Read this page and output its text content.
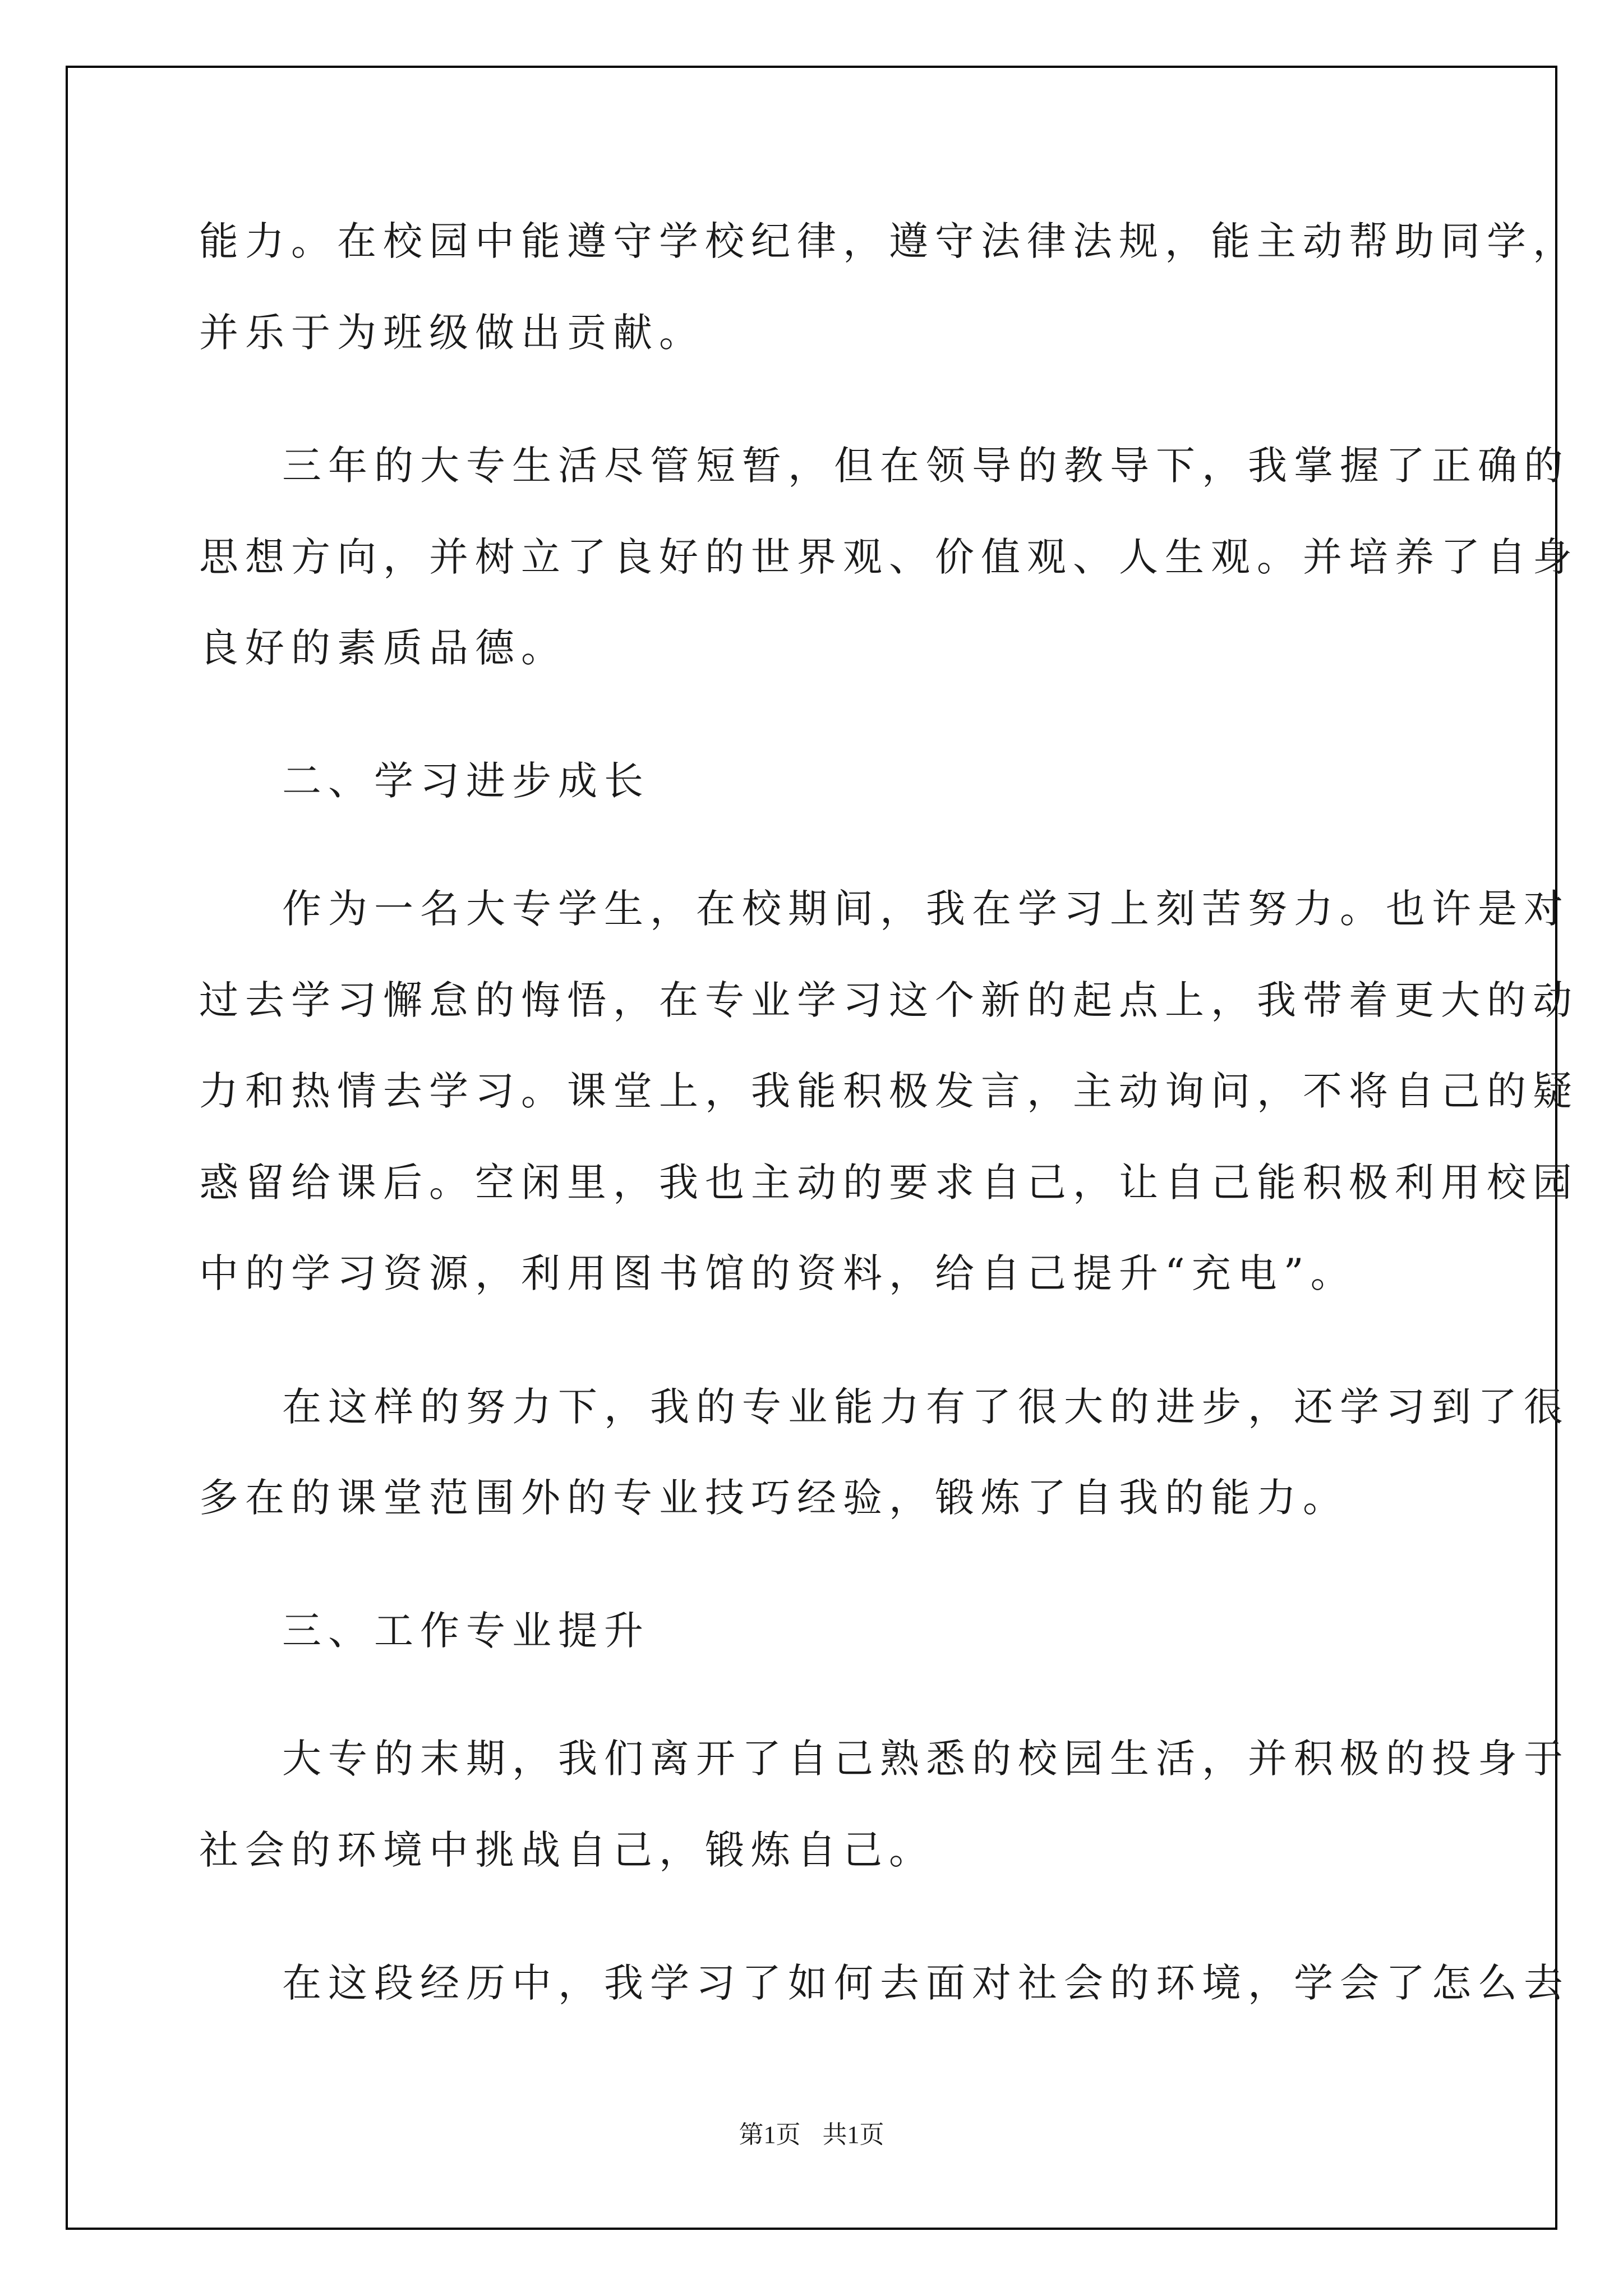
能力。在校园中能遵守学校纪律，遵守法律法规，能主动帮助同学，
并乐于为班级做出贡献。
三年的大专生活尽管短暂，但在领导的教导下，我掌握了正确的
思想方向，并树立了良好的世界观、价值观、人生观。并培养了自身
良好的素质品德。
二、学习进步成长
作为一名大专学生，在校期间，我在学习上刻苦努力。也许是对
过去学习懈怠的悔悟，在专业学习这个新的起点上，我带着更大的动
力和热情去学习。课堂上，我能积极发言，主动询问，不将自己的疑
惑留给课后。空闲里，我也主动的要求自己，让自己能积极利用校园
中的学习资源，利用图书馆的资料，给自己提升“充电”。
在这样的努力下，我的专业能力有了很大的进步，还学习到了很
多在的课堂范围外的专业技巧经验，锻炼了自我的能力。
三、工作专业提升
大专的末期，我们离开了自己熟悉的校园生活，并积极的投身于
社会的环境中挑战自己，锻炼自己。
在这段经历中，我学习了如何去面对社会的环境，学会了怎么去
第1页 共1页
